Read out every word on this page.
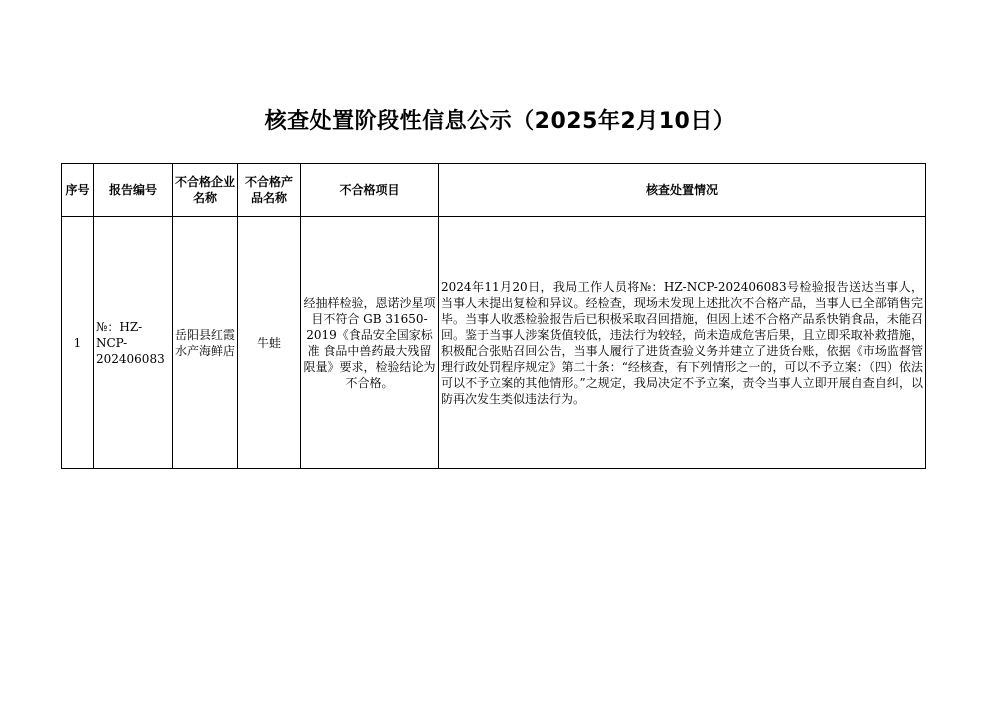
核查处置阶段性信息公示（2025年2月10日）
序号	报告编号	不合格企业名称	不合格产品名称	不合格项目	核查处置情况
1	№：HZ-NCP-202406083	岳阳县红霞水产海鲜店	牛蛙	经抽样检验，恩诺沙星项目不符合 GB 31650-2019《食品安全国家标准 食品中兽药最大残留限量》要求，检验结论为不合格。	2024年11月20日，我局工作人员将№：HZ-NCP-202406083号检验报告送达当事人，当事人未提出复检和异议。经检查，现场未发现上述批次不合格产品，当事人已全部销售完毕。当事人收悉检验报告后已积极采取召回措施，但因上述不合格产品系快销食品，未能召回。鉴于当事人涉案货值较低，违法行为较轻，尚未造成危害后果，且立即采取补救措施，积极配合张贴召回公告，当事人履行了进货查验义务并建立了进货台账，依据《市场监督管理行政处罚程序规定》第二十条：“经核查，有下列情形之一的，可以不予立案：（四）依法可以不予立案的其他情形。”之规定，我局决定不予立案，责令当事人立即开展自查自纠，以防再次发生类似违法行为。
